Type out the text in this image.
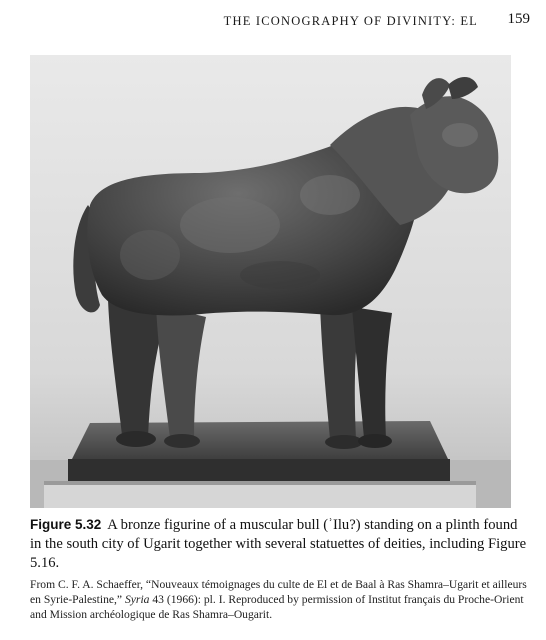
THE ICONOGRAPHY OF DIVINITY: EL 159
Figure 5.32 A bronze figurine of a muscular bull (ʾIlu?) standing on a plinth found in the south city of Ugarit together with several statuettes of deities, including Figure 5.16.
From C. F. A. Schaeffer, “Nouveaux témoignages du culte de El et de Baal à Ras Shamra–Ugarit et ailleurs en Syrie-Palestine,” Syria 43 (1966): pl. I. Reproduced by permission of Institut français du Proche-Orient and Mission archéologique de Ras Shamra–Ougarit.
